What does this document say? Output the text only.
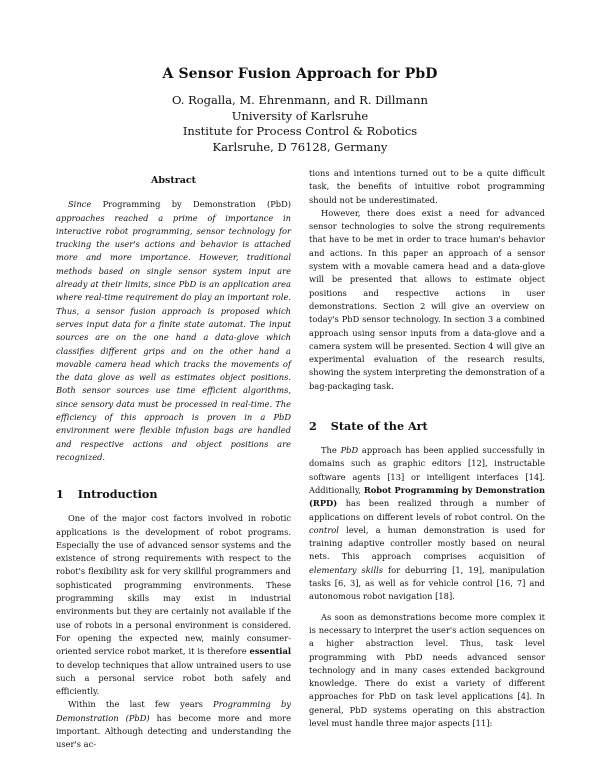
A Sensor Fusion Approach for PbD
O. Rogalla, M. Ehrenmann, and R. Dillmann
University of Karlsruhe
Institute for Process Control & Robotics
Karlsruhe, D 76128, Germany
Abstract

Since Programming by Demonstration (PbD) approaches reached a prime of importance in interactive robot programming, sensor technology for tracking the user's actions and behavior is attached more and more importance. However, traditional methods based on single sensor system input are already at their limits, since PbD is an application area where real-time requirement do play an important role. Thus, a sensor fusion approach is proposed which serves input data for a finite state automat. The input sources are on the one hand a data-glove which classifies different grips and on the other hand a movable camera head which tracks the movements of the data glove as well as estimates object positions. Both sensor sources use time efficient algorithms, since sensory data must be processed in real-time. The efficiency of this approach is proven in a PbD environment were flexible infusion bags are handled and respective actions and object positions are recognized.

1 Introduction

One of the major cost factors involved in robotic applications is the development of robot programs. Especially the use of advanced sensor systems and the existence of strong requirements with respect to the robot's flexibility ask for very skillful programmers and sophisticated programming environments. These programming skills may exist in industrial environments but they are certainly not available if the use of robots in a personal environment is considered. For opening the expected new, mainly consumer-oriented service robot market, it is therefore essential to develop techniques that allow untrained users to use such a personal service robot both safely and efficiently.

Within the last few years Programming by Demonstration (PbD) has become more and more important. Although detecting and understanding the user's ac-

tions and intentions turned out to be a quite difficult task, the benefits of intuitive robot programming should not be underestimated.

However, there does exist a need for advanced sensor technologies to solve the strong requirements that have to be met in order to trace human's behavior and actions. In this paper an approach of a sensor system with a movable camera head and a data-glove will be presented that allows to estimate object positions and respective actions in user demonstrations. Section 2 will give an overview on today's PbD sensor technology. In section 3 a combined approach using sensor inputs from a data-glove and a camera system will be presented. Section 4 will give an experimental evaluation of the research results, showing the system interpreting the demonstration of a bag-packaging task.

2 State of the Art

The PbD approach has been applied successfully in domains such as graphic editors [12], instructable software agents [13] or intelligent interfaces [14]. Additionally, Robot Programming by Demonstration (RPD) has been realized through a number of applications on different levels of robot control. On the control level, a human demonstration is used for training adaptive controller mostly based on neural nets. This approach comprises acquisition of elementary skills for deburring [1, 19], manipulation tasks [6, 3], as well as for vehicle control [16, 7] and autonomous robot navigation [18].

As soon as demonstrations become more complex it is necessary to interpret the user's action sequences on a higher abstraction level. Thus, task level programming with PbD needs advanced sensor technology and in many cases extended background knowledge. There do exist a variety of different approaches for PbD on task level applications [4]. In general, PbD systems operating on this abstraction level must handle three major aspects [11]:
